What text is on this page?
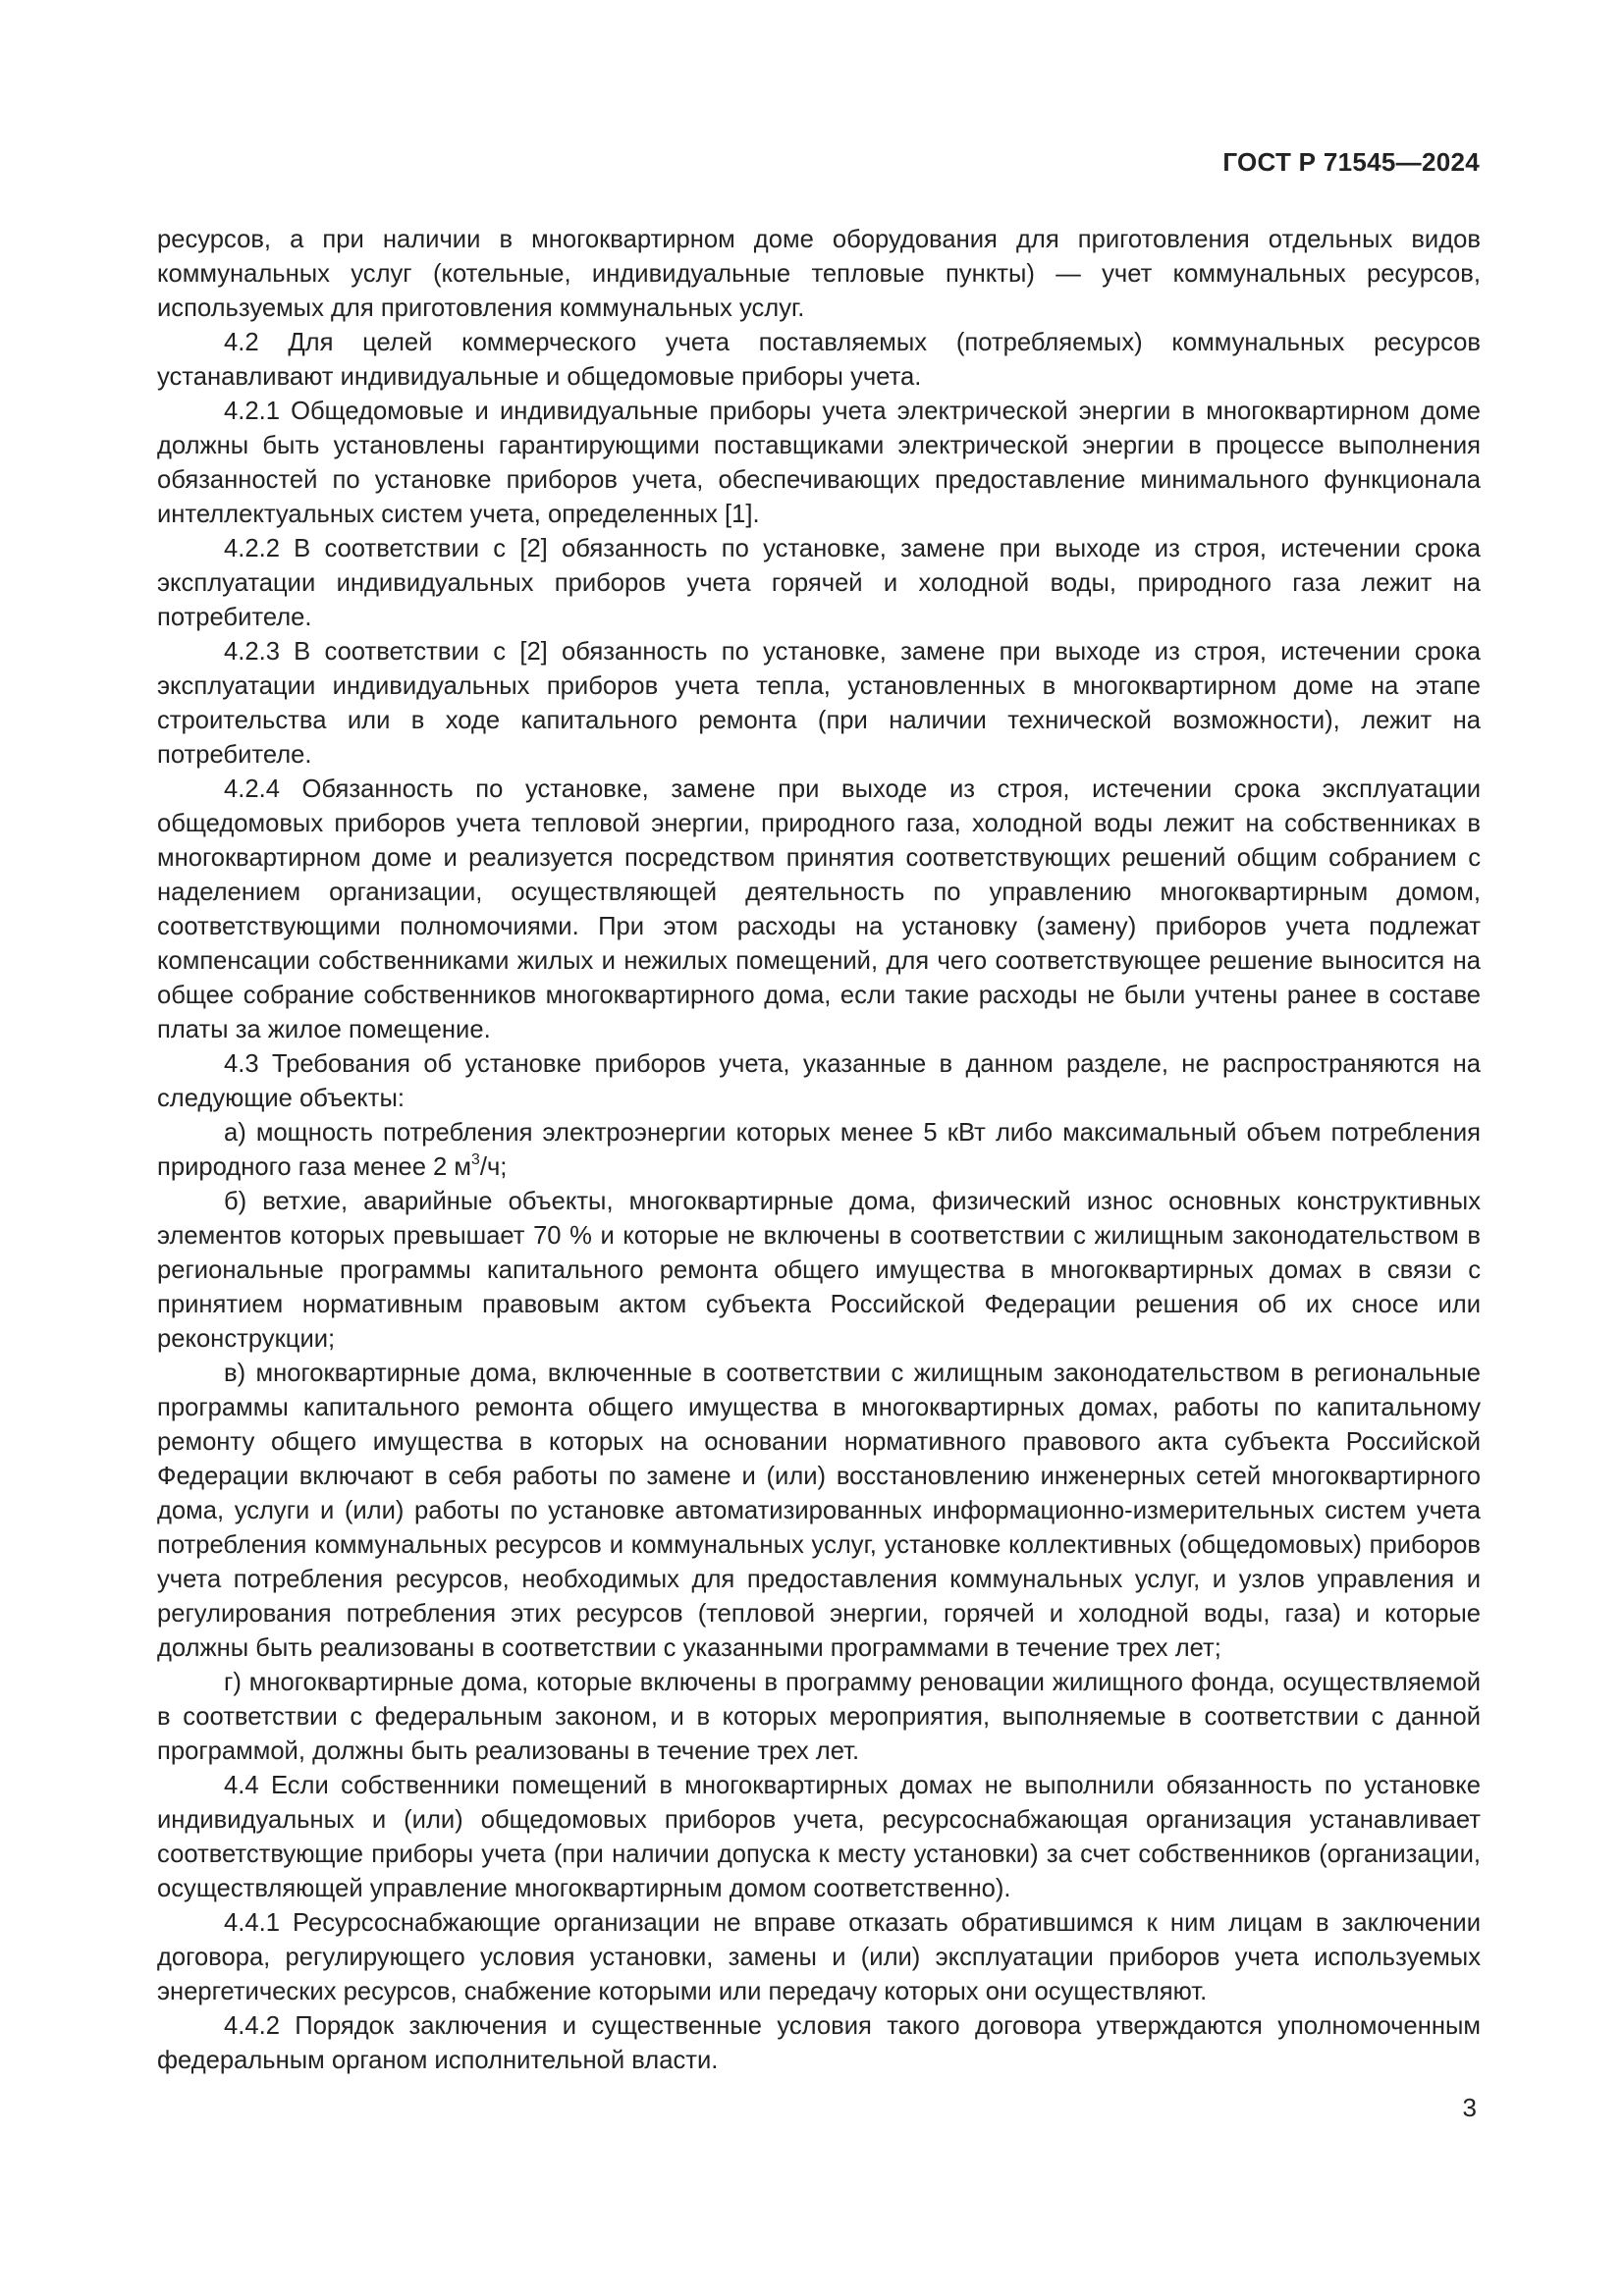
ГОСТ Р 71545—2024

ресурсов, а при наличии в многоквартирном доме оборудования для приготовления отдельных видов коммунальных услуг (котельные, индивидуальные тепловые пункты) — учет коммунальных ресурсов, используемых для приготовления коммунальных услуг.

4.2 Для целей коммерческого учета поставляемых (потребляемых) коммунальных ресурсов устанавливают индивидуальные и общедомовые приборы учета.

4.2.1 Общедомовые и индивидуальные приборы учета электрической энергии в многоквартирном доме должны быть установлены гарантирующими поставщиками электрической энергии в процессе выполнения обязанностей по установке приборов учета, обеспечивающих предоставление минимального функционала интеллектуальных систем учета, определенных [1].

4.2.2 В соответствии с [2] обязанность по установке, замене при выходе из строя, истечении срока эксплуатации индивидуальных приборов учета горячей и холодной воды, природного газа лежит на потребителе.

4.2.3 В соответствии с [2] обязанность по установке, замене при выходе из строя, истечении срока эксплуатации индивидуальных приборов учета тепла, установленных в многоквартирном доме на этапе строительства или в ходе капитального ремонта (при наличии технической возможности), лежит на потребителе.

4.2.4 Обязанность по установке, замене при выходе из строя, истечении срока эксплуатации общедомовых приборов учета тепловой энергии, природного газа, холодной воды лежит на собственниках в многоквартирном доме и реализуется посредством принятия соответствующих решений общим собранием с наделением организации, осуществляющей деятельность по управлению многоквартирным домом, соответствующими полномочиями. При этом расходы на установку (замену) приборов учета подлежат компенсации собственниками жилых и нежилых помещений, для чего соответствующее решение выносится на общее собрание собственников многоквартирного дома, если такие расходы не были учтены ранее в составе платы за жилое помещение.

4.3 Требования об установке приборов учета, указанные в данном разделе, не распространяются на следующие объекты:

а) мощность потребления электроэнергии которых менее 5 кВт либо максимальный объем потребления природного газа менее 2 $м^3/ч$;

б) ветхие, аварийные объекты, многоквартирные дома, физический износ основных конструктивных элементов которых превышает 70 % и которые не включены в соответствии с жилищным законодательством в региональные программы капитального ремонта общего имущества в многоквартирных домах в связи с принятием нормативным правовым актом субъекта Российской Федерации решения об их сносе или реконструкции;

в) многоквартирные дома, включенные в соответствии с жилищным законодательством в региональные программы капитального ремонта общего имущества в многоквартирных домах, работы по капитальному ремонту общего имущества в которых на основании нормативного правового акта субъекта Российской Федерации включают в себя работы по замене и (или) восстановлению инженерных сетей многоквартирного дома, услуги и (или) работы по установке автоматизированных информационно-измерительных систем учета потребления коммунальных ресурсов и коммунальных услуг, установке коллективных (общедомовых) приборов учета потребления ресурсов, необходимых для предоставления коммунальных услуг, и узлов управления и регулирования потребления этих ресурсов (тепловой энергии, горячей и холодной воды, газа) и которые должны быть реализованы в соответствии с указанными программами в течение трех лет;

г) многоквартирные дома, которые включены в программу реновации жилищного фонда, осуществляемой в соответствии с федеральным законом, и в которых мероприятия, выполняемые в соответствии с данной программой, должны быть реализованы в течение трех лет.

4.4 Если собственники помещений в многоквартирных домах не выполнили обязанность по установке индивидуальных и (или) общедомовых приборов учета, ресурсоснабжающая организация устанавливает соответствующие приборы учета (при наличии допуска к месту установки) за счет собственников (организации, осуществляющей управление многоквартирным домом соответственно).

4.4.1 Ресурсоснабжающие организации не вправе отказать обратившимся к ним лицам в заключении договора, регулирующего условия установки, замены и (или) эксплуатации приборов учета используемых энергетических ресурсов, снабжение которыми или передачу которых они осуществляют.

4.4.2 Порядок заключения и существенные условия такого договора утверждаются уполномоченным федеральным органом исполнительной власти.

3
